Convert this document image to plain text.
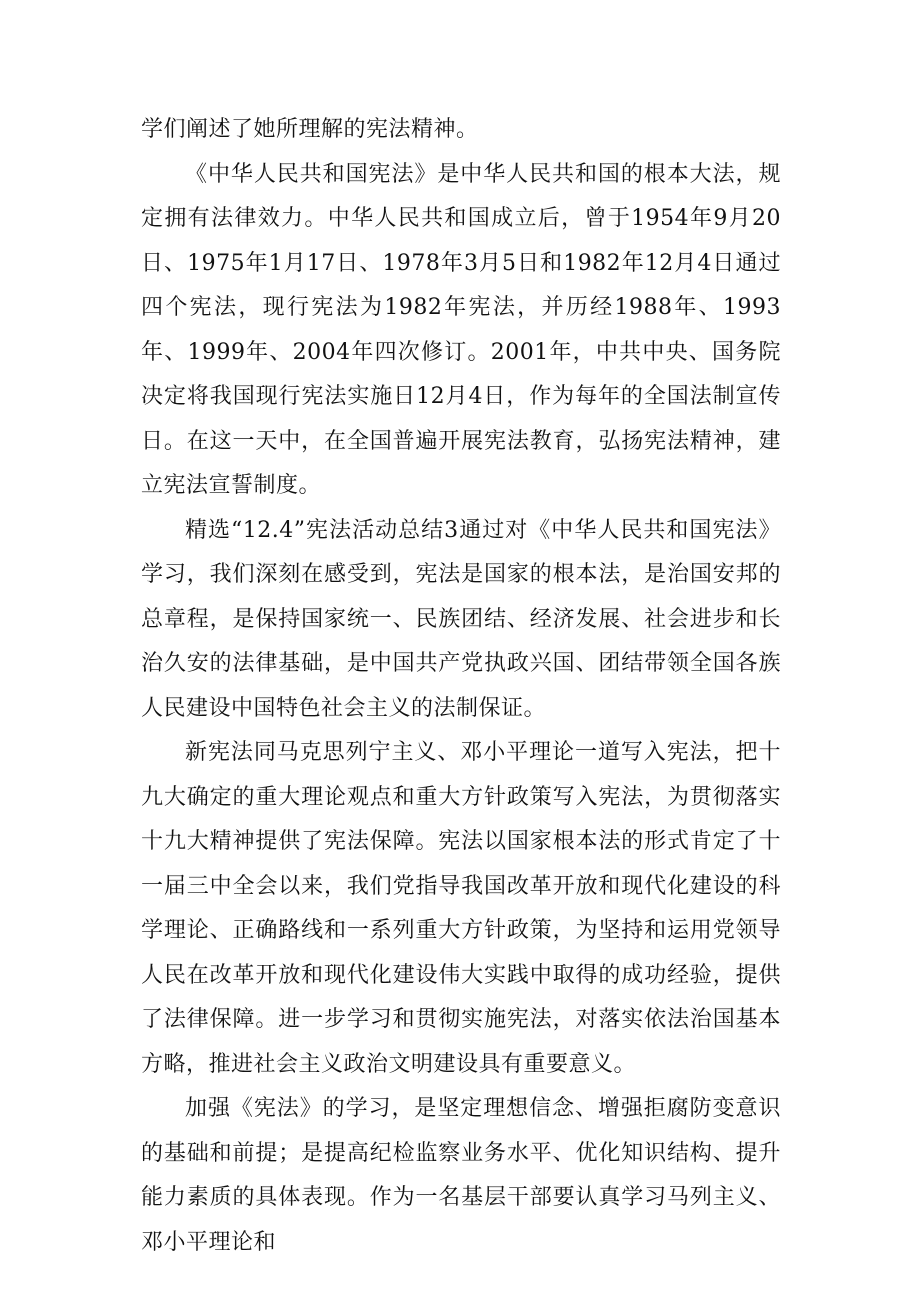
学们阐述了她所理解的宪法精神。

《中华人民共和国宪法》是中华人民共和国的根本大法，规定拥有法律效力。中华人民共和国成立后，曾于1954年9月20日、1975年1月17日、1978年3月5日和1982年12月4日通过四个宪法，现行宪法为1982年宪法，并历经1988年、1993年、1999年、2004年四次修订。2001年，中共中央、国务院决定将我国现行宪法实施日12月4日，作为每年的全国法制宣传日。在这一天中，在全国普遍开展宪法教育，弘扬宪法精神，建立宪法宣誓制度。

精选“12.4”宪法活动总结3通过对《中华人民共和国宪法》学习，我们深刻在感受到，宪法是国家的根本法，是治国安邦的总章程，是保持国家统一、民族团结、经济发展、社会进步和长治久安的法律基础，是中国共产党执政兴国、团结带领全国各族人民建设中国特色社会主义的法制保证。

新宪法同马克思列宁主义、邓小平理论一道写入宪法，把十九大确定的重大理论观点和重大方针政策写入宪法，为贯彻落实十九大精神提供了宪法保障。宪法以国家根本法的形式肯定了十一届三中全会以来，我们党指导我国改革开放和现代化建设的科学理论、正确路线和一系列重大方针政策，为坚持和运用党领导人民在改革开放和现代化建设伟大实践中取得的成功经验，提供了法律保障。进一步学习和贯彻实施宪法，对落实依法治国基本方略，推进社会主义政治文明建设具有重要意义。

加强《宪法》的学习，是坚定理想信念、增强拒腐防变意识的基础和前提；是提高纪检监察业务水平、优化知识结构、提升能力素质的具体表现。作为一名基层干部要认真学习马列主义、邓小平理论和
